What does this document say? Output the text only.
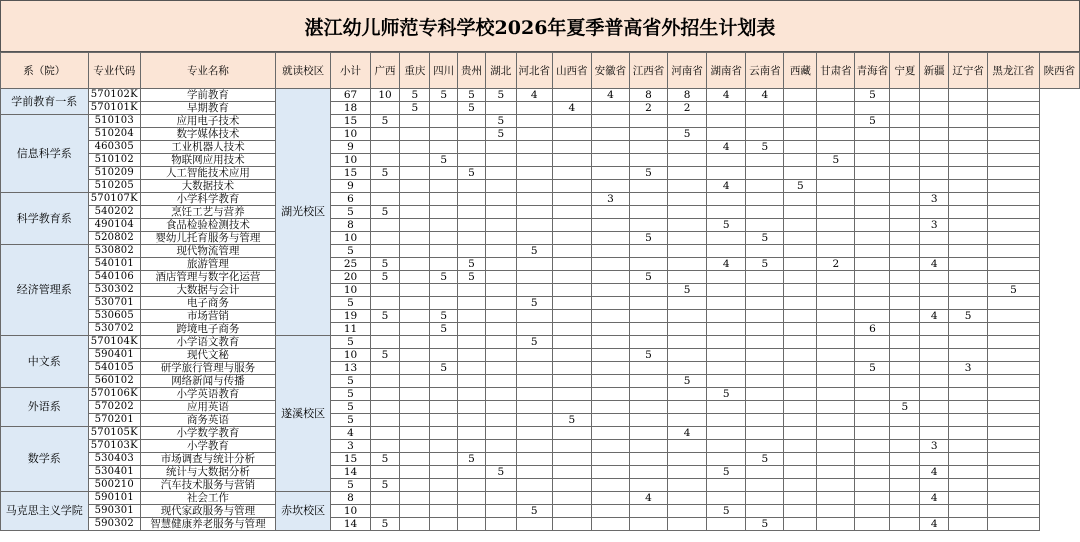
湛江幼儿师范专科学校2026年夏季普高省外招生计划表
系（院）	专业代码	专业名称	就读校区	小计	广西	重庆	四川	贵州	湖北	河北省	山西省	安徽省	江西省	河南省	湖南省	云南省	西藏	甘肃省	青海省	宁夏	新疆	辽宁省	黑龙江省	陕西省
学前教育一系	570102K	学前教育	湖光校区	67	10	5	5	5	5	4		4	8	8	4	4			5					
	570101K	早期教育		18		5		5			4		2	2										
信息科学系	510103	应用电子技术		15	5				5										5					
	510204	数字媒体技术		10					5					5										
	460305	工业机器人技术		9											4	5								
	510102	物联网应用技术		10			5											5						
	510209	人工智能技术应用		15	5			5					5											
	510205	大数据技术		9											4		5							
科学教育系	570107K	小学科学教育		6								3									3			
	540202	烹饪工艺与营养		5	5																			
	490104	食品检验检测技术		8											5						3			
	520802	婴幼儿托育服务与管理		10									5			5								
经济管理系	530802	现代物流管理		5						5														
	540101	旅游管理		25	5			5							4	5		2			4			
	540106	酒店管理与数字化运营		20	5		5	5					5											
	530302	大数据与会计		10										5									5	
	530701	电子商务		5						5														
	530605	市场营销		19	5		5														4	5		
	530702	跨境电子商务		11			5												6					
中文系	570104K	小学语文教育	遂溪校区	5						5														
	590401	现代文秘		10	5								5											
	540105	研学旅行管理与服务		13			5												5			3		
	560102	网络新闻与传播		5										5										
外语系	570106K	小学英语教育		5											5									
	570202	应用英语		5																5				
	570201	商务英语		5							5													
数学系	570105K	小学数学教育		4										4										
	570103K	小学教育		3																	3			
	530403	市场调查与统计分析		15	5			5								5								
	530401	统计与大数据分析		14					5						5						4			
	500210	汽车技术服务与营销		5	5																			
马克思主义学院	590101	社会工作	赤坎校区	8									4								4			
	590301	现代家政服务与管理		10						5					5									
	590302	智慧健康养老服务与管理		14	5											5					4			
